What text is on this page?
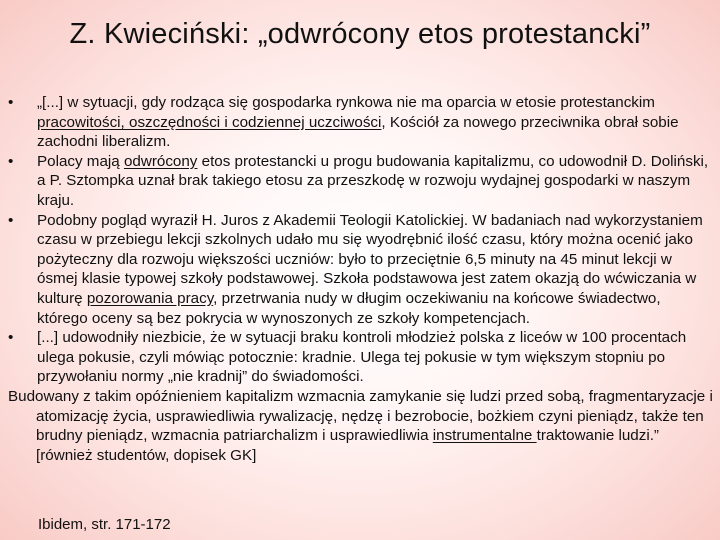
Z. Kwieciński: „odwrócony etos protestancki”
• „[...] w sytuacji, gdy rodząca się gospodarka rynkowa nie ma oparcia w etosie protestanckim pracowitości, oszczędności i codziennej uczciwości, Kościół za nowego przeciwnika obrał sobie zachodni liberalizm.
• Polacy mają odwrócony etos protestancki u progu budowania kapitalizmu, co udowodnił D. Doliński, a P. Sztompka uznał brak takiego etosu za przeszkodę w rozwoju wydajnej gospodarki w naszym kraju.
• Podobny pogląd wyraził H. Juros z Akademii Teologii Katolickiej. W badaniach nad wykorzystaniem czasu w przebiegu lekcji szkolnych udało mu się wyodrębnić ilość czasu, który można ocenić jako pożyteczny dla rozwoju większości uczniów: było to przeciętnie 6,5 minuty na 45 minut lekcji w ósmej klasie typowej szkoły podstawowej. Szkoła podstawowa jest zatem okazją do wćwiczania w kulturę pozorowania pracy, przetrwania nudy w długim oczekiwaniu na końcowe świadectwo, którego oceny są bez pokrycia w wynoszonych ze szkoły kompetencjach.
• [...] udowodniły niezbicie, że w sytuacji braku kontroli młodzież polska z liceów w 100 procentach ulega pokusie, czyli mówiąc potocznie: kradnie. Ulega tej pokusie w tym większym stopniu po przywołaniu normy „nie kradnij” do świadomości.
Budowany z takim opóźnieniem kapitalizm wzmacnia zamykanie się ludzi przed sobą, fragmentaryzacje i atomizację życia, usprawiedliwia rywalizację, nędzę i bezrobocie, bożkiem czyni pieniądz, także ten brudny pieniądz, wzmacnia patriarchalizm i usprawiedliwia instrumentalne traktowanie ludzi.” [również studentów, dopisek GK]
Ibidem, str. 171-172
